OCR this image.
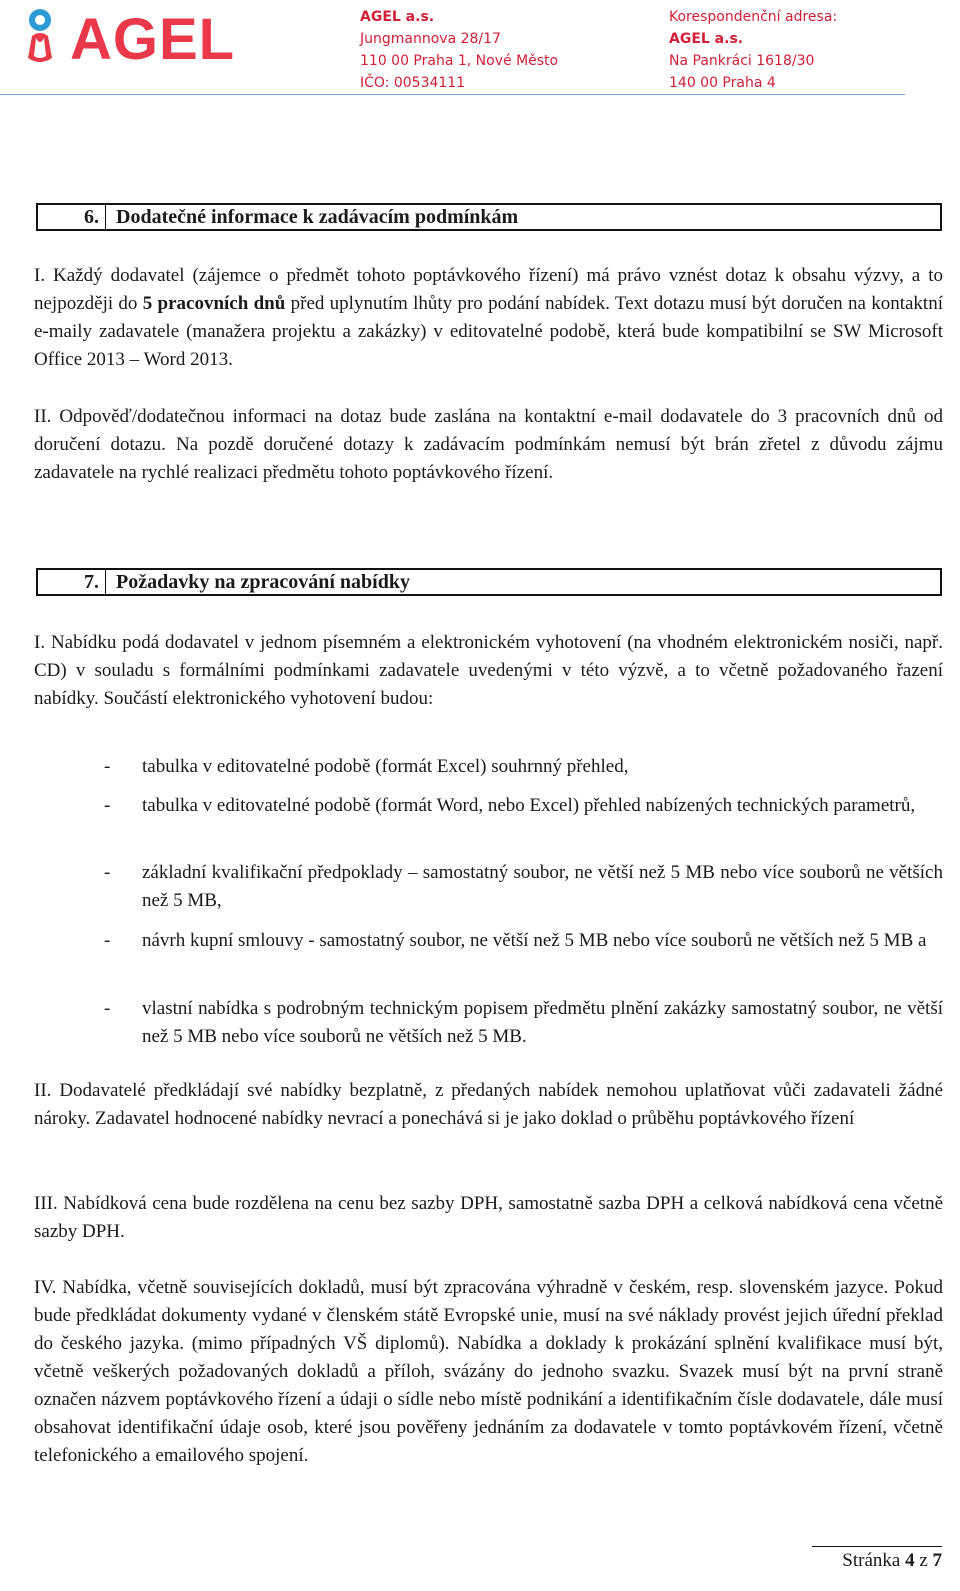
AGEL	AGEL a.s.
Jungmannova 28/17
110 00 Praha 1, Nové Město
IČO: 00534111
Korespondenční adresa:
AGEL a.s.
Na Pankráci 1618/30
140 00 Praha 4
6. Dodatečné informace k zadávacím podmínkám

I. Každý dodavatel (zájemce o předmět tohoto poptávkového řízení) má právo vznést dotaz k obsahu výzvy, a to nejpozději do 5 pracovních dnů před uplynutím lhůty pro podání nabídek. Text dotazu musí být doručen na kontaktní e-maily zadavatele (manažera projektu a zakázky) v editovatelné podobě, která bude kompatibilní se SW Microsoft Office 2013 – Word 2013.

II. Odpověď/dodatečnou informaci na dotaz bude zaslána na kontaktní e-mail dodavatele do 3 pracovních dnů od doručení dotazu. Na pozdě doručené dotazy k zadávacím podmínkám nemusí být brán zřetel z důvodu zájmu zadavatele na rychlé realizaci předmětu tohoto poptávkového řízení.

7. Požadavky na zpracování nabídky

I. Nabídku podá dodavatel v jednom písemném a elektronickém vyhotovení (na vhodném elektronickém nosiči, např. CD) v souladu s formálními podmínkami zadavatele uvedenými v této výzvě, a to včetně požadovaného řazení nabídky. Součástí elektronického vyhotovení budou:

- tabulka v editovatelné podobě (formát Excel) souhrnný přehled,
- tabulka v editovatelné podobě (formát Word, nebo Excel) přehled nabízených technických parametrů,
- základní kvalifikační předpoklady – samostatný soubor, ne větší než 5 MB nebo více souborů ne větších než 5 MB,
- návrh kupní smlouvy - samostatný soubor, ne větší než 5 MB nebo více souborů ne větších než 5 MB a
- vlastní nabídka s podrobným technickým popisem předmětu plnění zakázky samostatný soubor, ne větší než 5 MB nebo více souborů ne větších než 5 MB.

II. Dodavatelé předkládají své nabídky bezplatně, z předaných nabídek nemohou uplatňovat vůči zadavateli žádné nároky. Zadavatel hodnocené nabídky nevrací a ponechává si je jako doklad o průběhu poptávkového řízení

III. Nabídková cena bude rozdělena na cenu bez sazby DPH, samostatně sazba DPH a celková nabídková cena včetně sazby DPH.

IV. Nabídka, včetně souvisejících dokladů, musí být zpracována výhradně v českém, resp. slovenském jazyce. Pokud bude předkládat dokumenty vydané v členském státě Evropské unie, musí na své náklady provést jejich úřední překlad do českého jazyka. (mimo případných VŠ diplomů). Nabídka a doklady k prokázání splnění kvalifikace musí být, včetně veškerých požadovaných dokladů a příloh, svázány do jednoho svazku. Svazek musí být na první straně označen názvem poptávkového řízení a údaji o sídle nebo místě podnikání a identifikačním čísle dodavatele, dále musí obsahovat identifikační údaje osob, které jsou pověřeny jednáním za dodavatele v tomto poptávkovém řízení, včetně telefonického a emailového spojení.

Stránka 4 z 7
